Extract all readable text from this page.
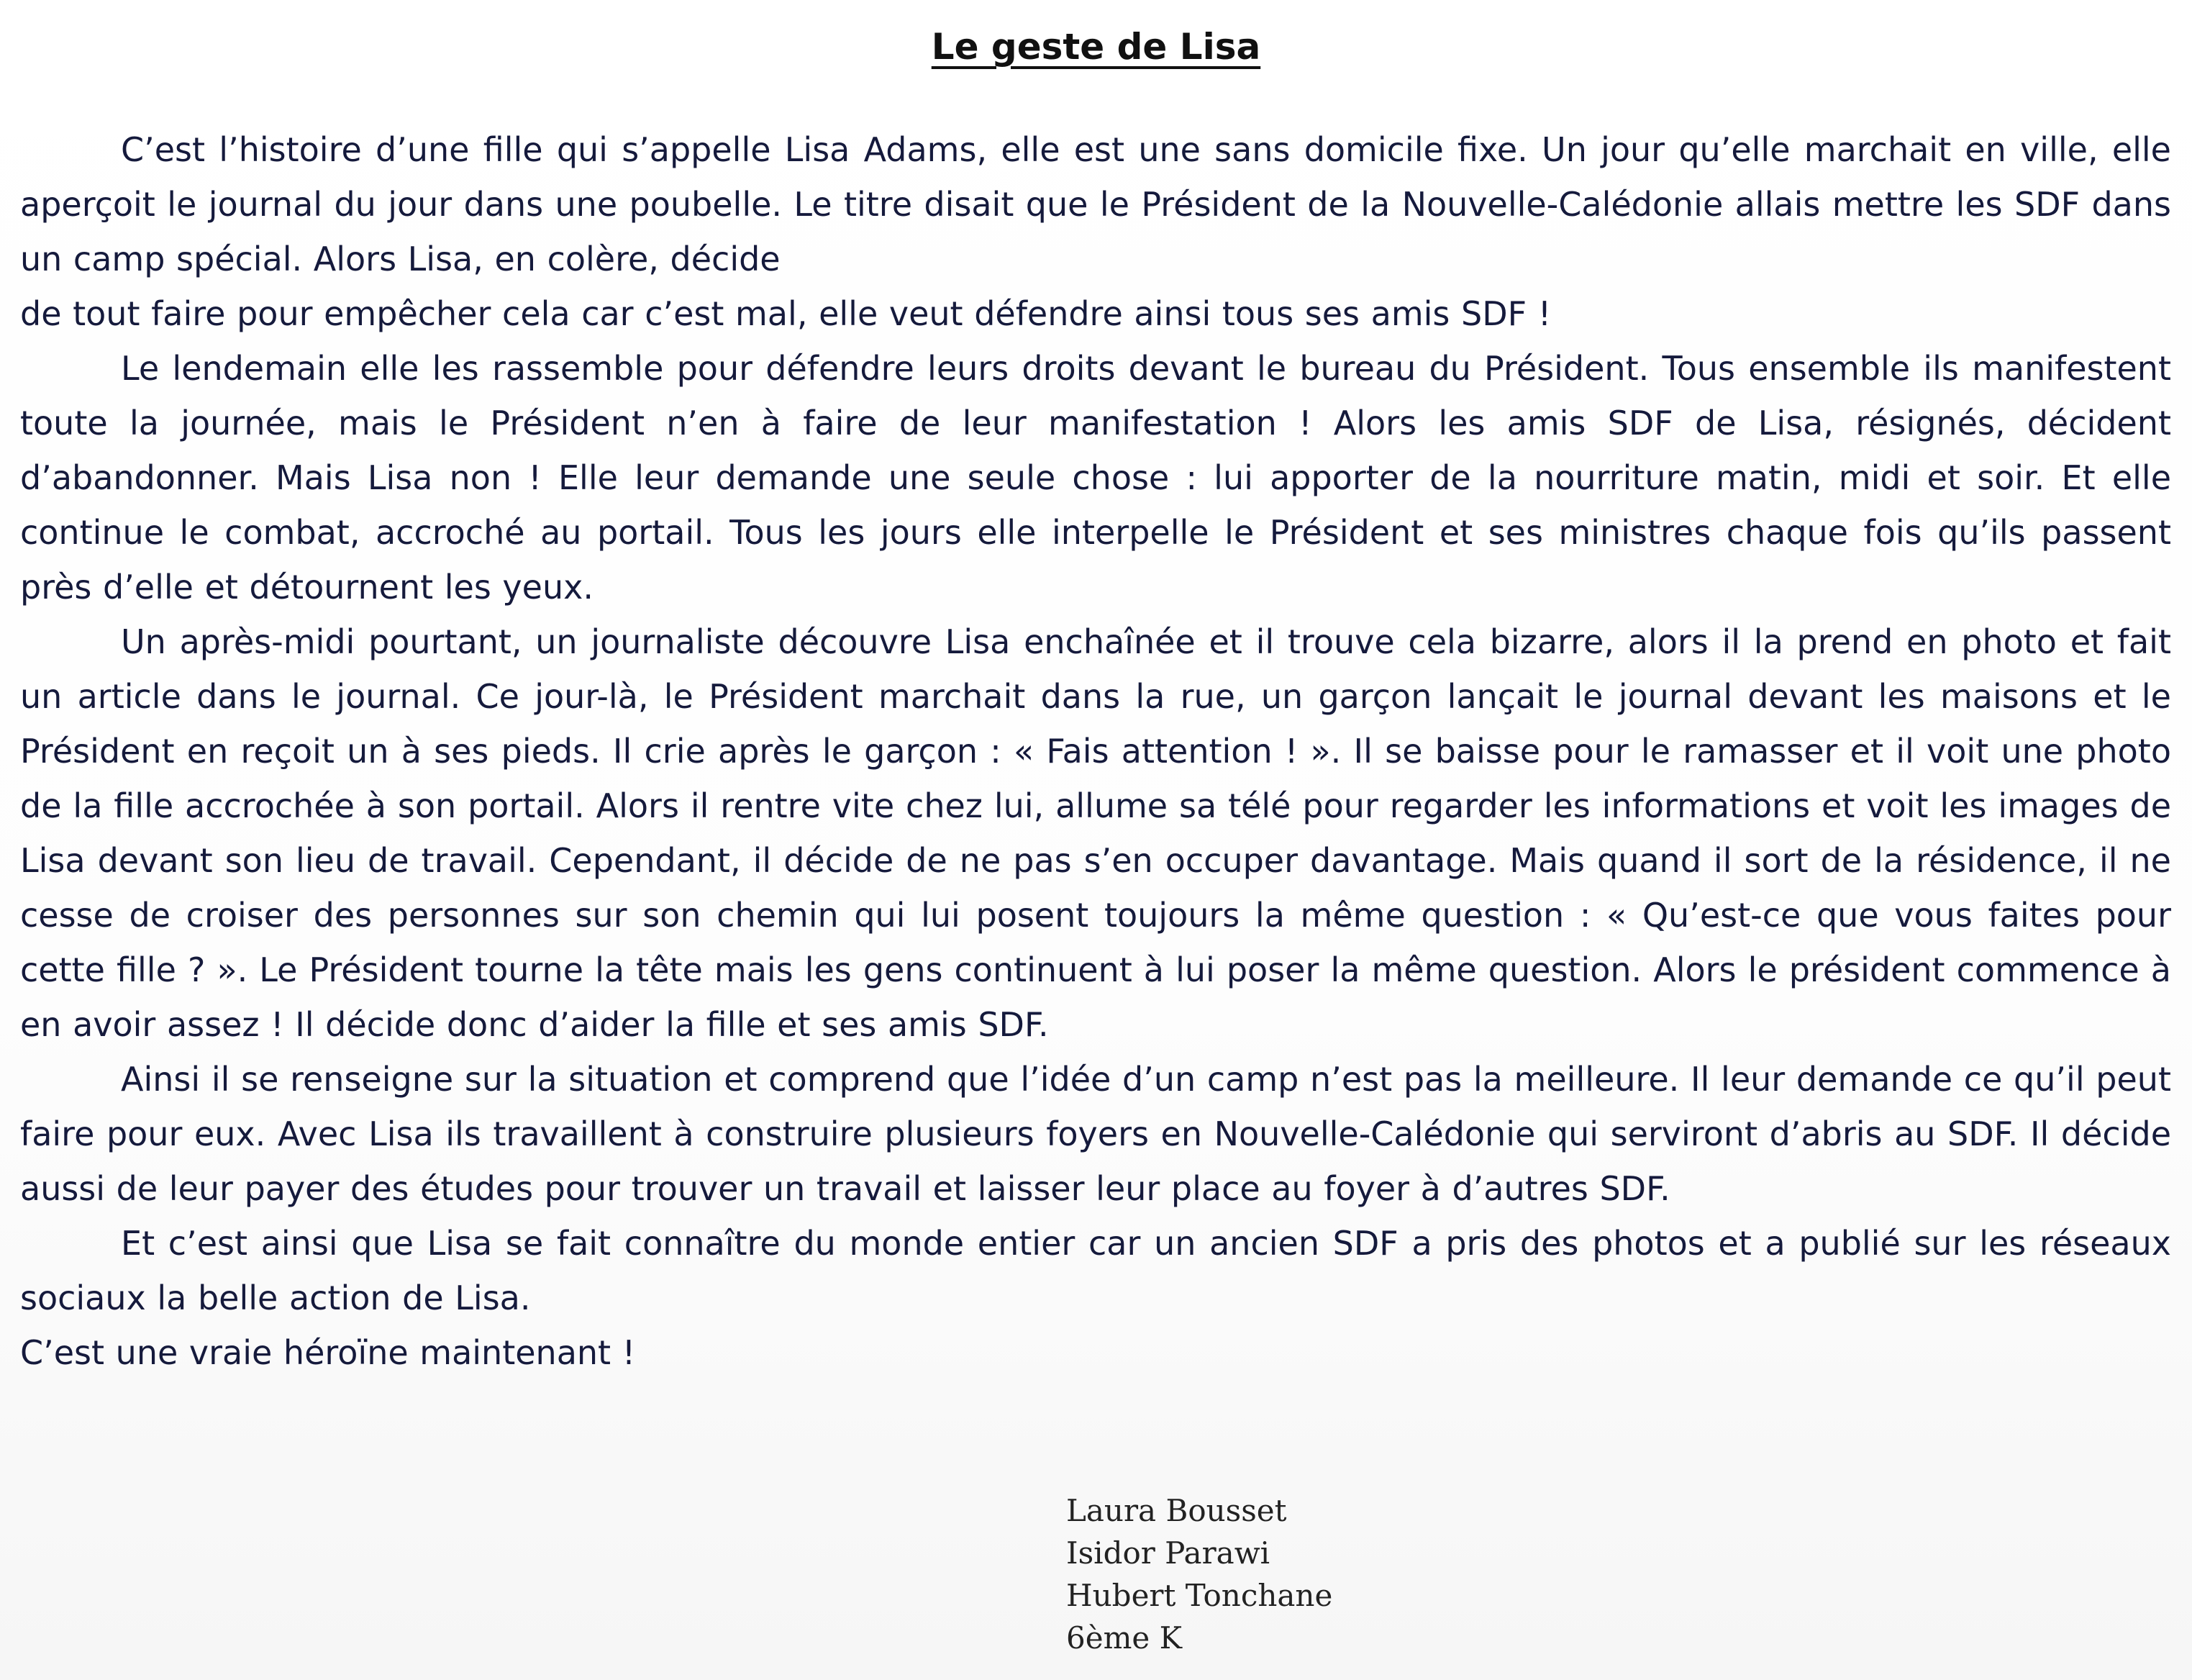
Le geste de Lisa

C’est l’histoire d’une fille qui s’appelle Lisa Adams, elle est une sans domicile fixe. Un jour qu’elle marchait en ville, elle aperçoit le journal du jour dans une poubelle. Le titre disait que le Président de la Nouvelle-Calédonie allais mettre les SDF dans un camp spécial. Alors Lisa, en colère, décide

de tout faire pour empêcher cela car c’est mal, elle veut défendre ainsi tous ses amis SDF !

Le lendemain elle les rassemble pour défendre leurs droits devant le bureau du Président. Tous ensemble ils manifestent toute la journée, mais le Président n’en à faire de leur manifestation ! Alors les amis SDF de Lisa, résignés, décident d’abandonner. Mais Lisa non ! Elle leur demande une seule chose : lui apporter de la nourriture matin, midi et soir. Et elle continue le combat, accroché au portail. Tous les jours elle interpelle le Président et ses ministres chaque fois qu’ils passent près d’elle et détournent les yeux.

Un après-midi pourtant, un journaliste découvre Lisa enchaînée et il trouve cela bizarre, alors il la prend en photo et fait un article dans le journal. Ce jour-là, le Président marchait dans la rue, un garçon lançait le journal devant les maisons et le Président en reçoit un à ses pieds. Il crie après le garçon : « Fais attention ! ». Il se baisse pour le ramasser et il voit une photo de la fille accrochée à son portail. Alors il rentre vite chez lui, allume sa télé pour regarder les informations et voit les images de Lisa devant son lieu de travail. Cependant, il décide de ne pas s’en occuper davantage. Mais quand il sort de la résidence, il ne cesse de croiser des personnes sur son chemin qui lui posent toujours la même question : « Qu’est-ce que vous faites pour cette fille ? ». Le Président tourne la tête mais les gens continuent à lui poser la même question. Alors le président commence à en avoir assez ! Il décide donc d’aider la fille et ses amis SDF.

Ainsi il se renseigne sur la situation et comprend que l’idée d’un camp n’est pas la meilleure. Il leur demande ce qu’il peut faire pour eux. Avec Lisa ils travaillent à construire plusieurs foyers en Nouvelle-Calédonie qui serviront d’abris au SDF. Il décide aussi de leur payer des études pour trouver un travail et laisser leur place au foyer à d’autres SDF.

Et c’est ainsi que Lisa se fait connaître du monde entier car un ancien SDF a pris des photos et a publié sur les réseaux sociaux la belle action de Lisa.

C’est une vraie héroïne maintenant !

Laura Bousset
Isidor Parawi
Hubert Tonchane
6ème K
